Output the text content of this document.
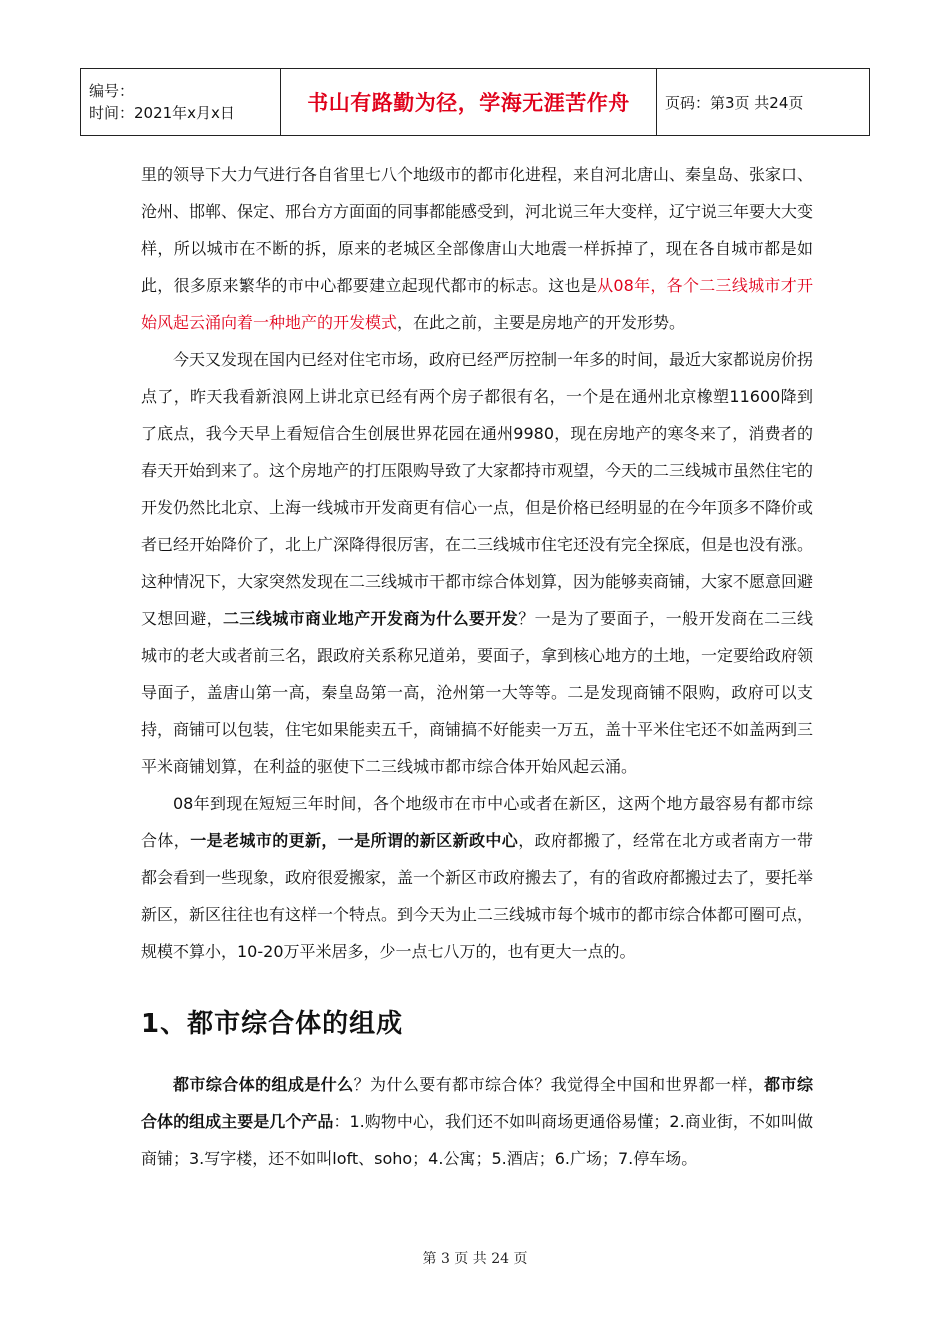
编号：
时间：2021年x月x日	书山有路勤为径，学海无涯苦作舟	页码：第3页 共24页

里的领导下大力气进行各自省里七八个地级市的都市化进程，来自河北唐山、秦皇岛、张家口、沧州、邯郸、保定、邢台方方面面的同事都能感受到，河北说三年大变样，辽宁说三年要大大变样，所以城市在不断的拆，原来的老城区全部像唐山大地震一样拆掉了，现在各自城市都是如此，很多原来繁华的市中心都要建立起现代都市的标志。这也是从08年，各个二三线城市才开始风起云涌向着一种地产的开发模式，在此之前，主要是房地产的开发形势。

今天又发现在国内已经对住宅市场，政府已经严厉控制一年多的时间，最近大家都说房价拐点了，昨天我看新浪网上讲北京已经有两个房子都很有名，一个是在通州北京橡塑11600降到了底点，我今天早上看短信合生创展世界花园在通州9980，现在房地产的寒冬来了，消费者的春天开始到来了。这个房地产的打压限购导致了大家都持市观望，今天的二三线城市虽然住宅的开发仍然比北京、上海一线城市开发商更有信心一点，但是价格已经明显的在今年顶多不降价或者已经开始降价了，北上广深降得很厉害，在二三线城市住宅还没有完全探底，但是也没有涨。这种情况下，大家突然发现在二三线城市干都市综合体划算，因为能够卖商铺，大家不愿意回避又想回避，二三线城市商业地产开发商为什么要开发？一是为了要面子，一般开发商在二三线城市的老大或者前三名，跟政府关系称兄道弟，要面子，拿到核心地方的土地，一定要给政府领导面子，盖唐山第一高，秦皇岛第一高，沧州第一大等等。二是发现商铺不限购，政府可以支持，商铺可以包装，住宅如果能卖五千，商铺搞不好能卖一万五，盖十平米住宅还不如盖两到三平米商铺划算，在利益的驱使下二三线城市都市综合体开始风起云涌。

08年到现在短短三年时间，各个地级市在市中心或者在新区，这两个地方最容易有都市综合体，一是老城市的更新，一是所谓的新区新政中心，政府都搬了，经常在北方或者南方一带都会看到一些现象，政府很爱搬家，盖一个新区市政府搬去了，有的省政府都搬过去了，要托举新区，新区往往也有这样一个特点。到今天为止二三线城市每个城市的都市综合体都可圈可点，规模不算小，10-20万平米居多，少一点七八万的，也有更大一点的。

1、都市综合体的组成

都市综合体的组成是什么？为什么要有都市综合体？我觉得全中国和世界都一样，都市综合体的组成主要是几个产品：1.购物中心，我们还不如叫商场更通俗易懂；2.商业街，不如叫做商铺；3.写字楼，还不如叫loft、soho；4.公寓；5.酒店；6.广场；7.停车场。

第 3 页 共 24 页
